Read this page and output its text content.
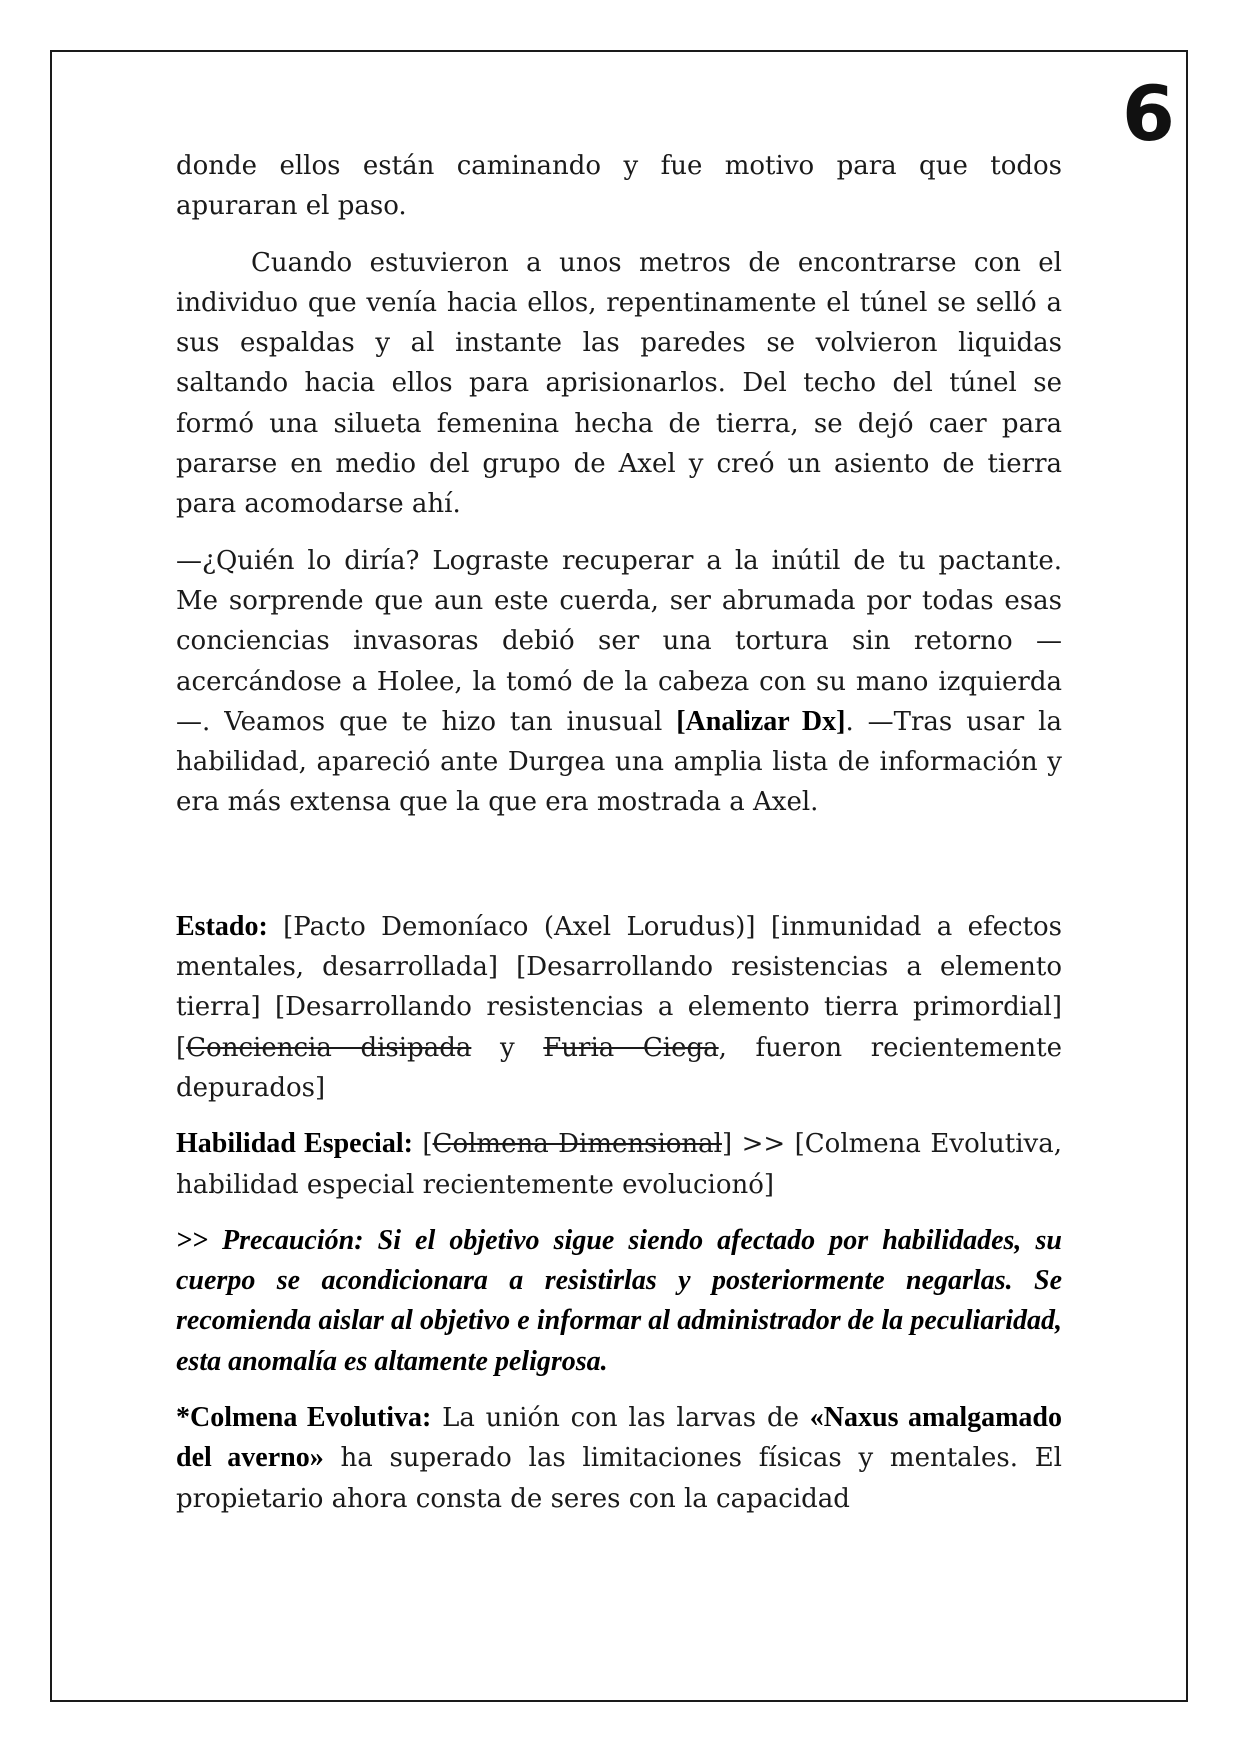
6

donde ellos están caminando y fue motivo para que todos apuraran el paso.

Cuando estuvieron a unos metros de encontrarse con el individuo que venía hacia ellos, repentinamente el túnel se selló a sus espaldas y al instante las paredes se volvieron liquidas saltando hacia ellos para aprisionarlos. Del techo del túnel se formó una silueta femenina hecha de tierra, se dejó caer para pararse en medio del grupo de Axel y creó un asiento de tierra para acomodarse ahí.

—¿Quién lo diría? Lograste recuperar a la inútil de tu pactante. Me sorprende que aun este cuerda, ser abrumada por todas esas conciencias invasoras debió ser una tortura sin retorno —acercándose a Holee, la tomó de la cabeza con su mano izquierda—. Veamos que te hizo tan inusual [Analizar Dx]. —Tras usar la habilidad, apareció ante Durgea una amplia lista de información y era más extensa que la que era mostrada a Axel.

Estado: [Pacto Demoníaco (Axel Lorudus)] [inmunidad a efectos mentales, desarrollada] [Desarrollando resistencias a elemento tierra] [Desarrollando resistencias a elemento tierra primordial] [Conciencia disipada y Furia Ciega, fueron recientemente depurados]

Habilidad Especial: [Colmena Dimensional] >> [Colmena Evolutiva, habilidad especial recientemente evolucionó]

>> Precaución: Si el objetivo sigue siendo afectado por habilidades, su cuerpo se acondicionara a resistirlas y posteriormente negarlas. Se recomienda aislar al objetivo e informar al administrador de la peculiaridad, esta anomalía es altamente peligrosa.

*Colmena Evolutiva: La unión con las larvas de «Naxus amalgamado del averno» ha superado las limitaciones físicas y mentales. El propietario ahora consta de seres con la capacidad
